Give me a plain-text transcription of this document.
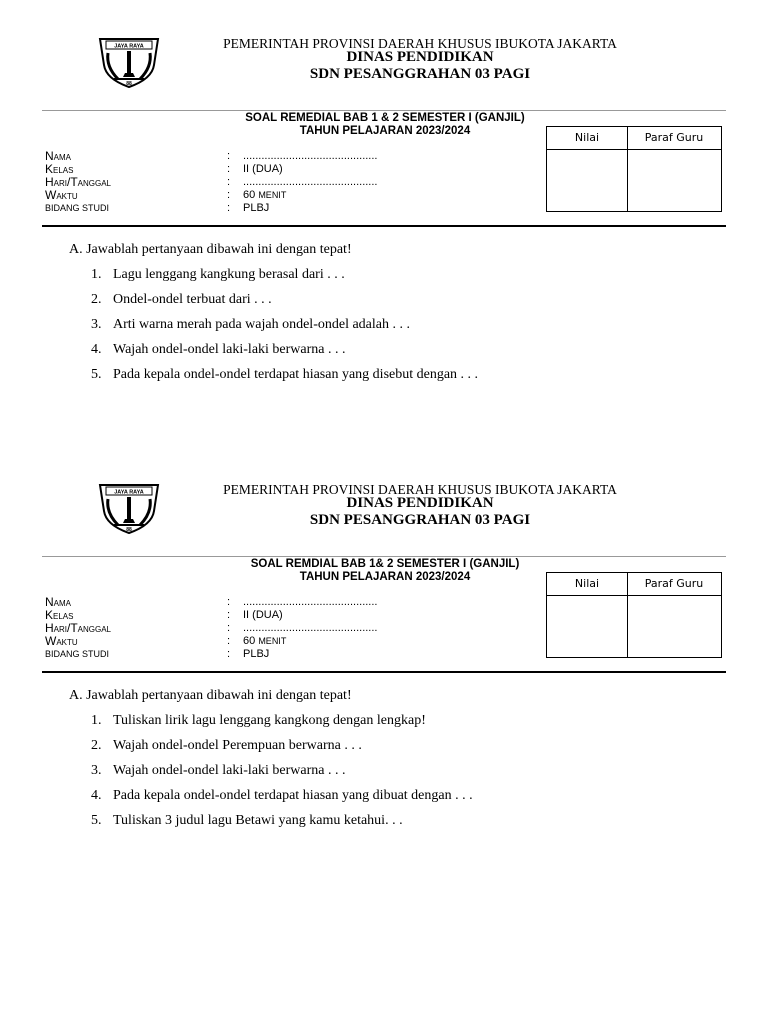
JAYA RAYA
88
PEMERINTAH PROVINSI DAERAH KHUSUS IBUKOTA JAKARTA
DINAS PENDIDIKAN
SDN PESANGGRAHAN 03 PAGI
SOAL REMEDIAL BAB 1 & 2 SEMESTER I (GANJIL)
TAHUN PELAJARAN 2023/2024	Nilai	Paraf Guru
Nama	: ............................................
Kelas	: II (DUA)
Hari/Tanggal	: ............................................
Waktu	: 60 MENIT
BIDANG STUDI	: PLBJ
A. Jawablah pertanyaan dibawah ini dengan tepat!
1. Lagu lenggang kangkung berasal dari . . .
2. Ondel-ondel terbuat dari . . .
3. Arti warna merah pada wajah ondel-ondel adalah . . .
4. Wajah ondel-ondel laki-laki berwarna . . .
5. Pada kepala ondel-ondel terdapat hiasan yang disebut dengan . . .
JAYA RAYA
88
PEMERINTAH PROVINSI DAERAH KHUSUS IBUKOTA JAKARTA
DINAS PENDIDIKAN
SDN PESANGGRAHAN 03 PAGI
SOAL REMDIAL BAB 1& 2 SEMESTER I (GANJIL)
TAHUN PELAJARAN 2023/2024	Nilai	Paraf Guru
Nama	: ............................................
Kelas	: II (DUA)
Hari/Tanggal	: ............................................
Waktu	: 60 MENIT
BIDANG STUDI	: PLBJ
A. Jawablah pertanyaan dibawah ini dengan tepat!
1. Tuliskan lirik lagu lenggang kangkong dengan lengkap!
2. Wajah ondel-ondel Perempuan berwarna . . .
3. Wajah ondel-ondel laki-laki berwarna . . .
4. Pada kepala ondel-ondel terdapat hiasan yang dibuat dengan . . .
5. Tuliskan 3 judul lagu Betawi yang kamu ketahui. . .
